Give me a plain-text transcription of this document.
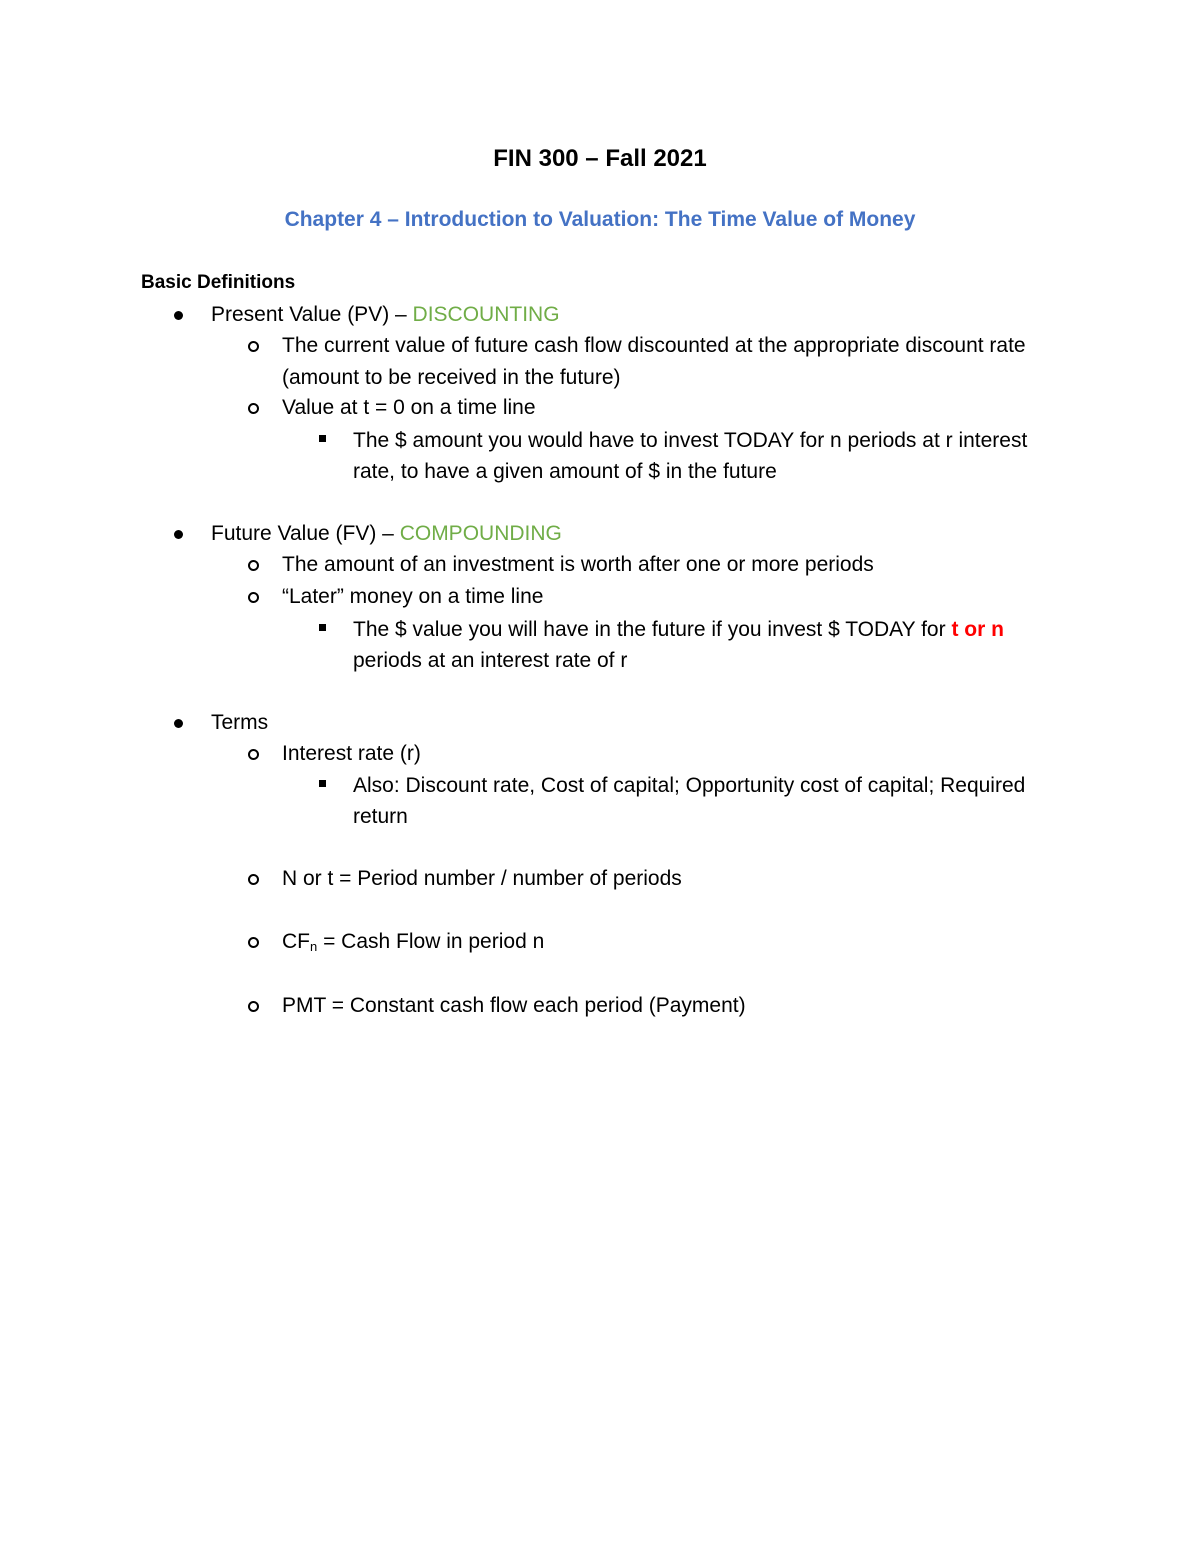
FIN 300 – Fall 2021
Chapter 4 – Introduction to Valuation: The Time Value of Money
Basic Definitions
Present Value (PV) – DISCOUNTING
The current value of future cash flow discounted at the appropriate discount rate
(amount to be received in the future)
Value at t = 0 on a time line
The $ amount you would have to invest TODAY for n periods at r interest
rate, to have a given amount of $ in the future
Future Value (FV) – COMPOUNDING
The amount of an investment is worth after one or more periods
“Later” money on a time line
The $ value you will have in the future if you invest $ TODAY for t or n
periods at an interest rate of r
Terms
Interest rate (r)
Also: Discount rate, Cost of capital; Opportunity cost of capital; Required
return
N or t = Period number / number of periods
$CF_n$ = Cash Flow in period n
PMT = Constant cash flow each period (Payment)
